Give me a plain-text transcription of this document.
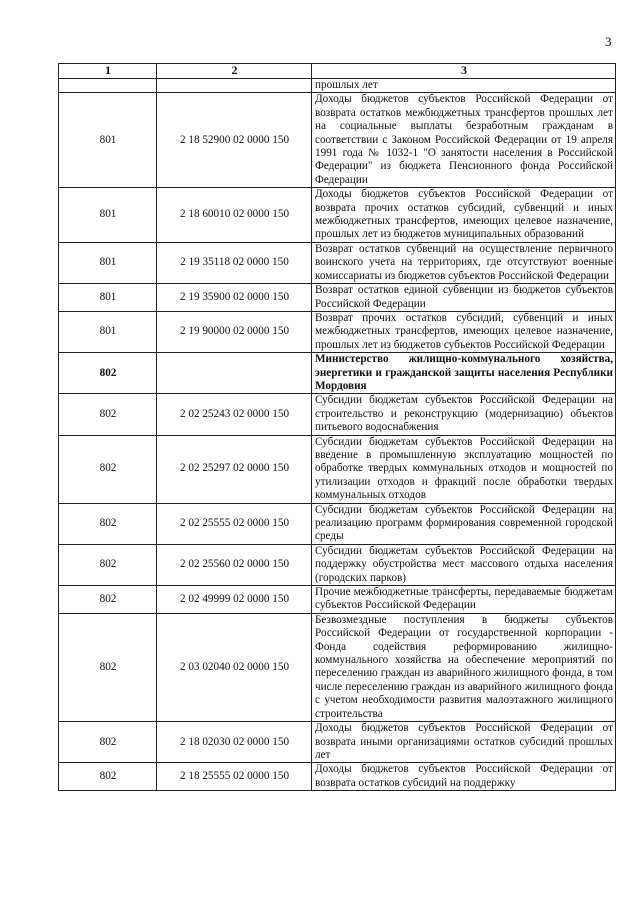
3
1	2	3
		прошлых лет
801	2 18 52900 02 0000 150	Доходы бюджетов субъектов Российской Федерации от возврата остатков межбюджетных трансфертов прошлых лет на социальные выплаты безработным гражданам в соответствии с Законом Российской Федерации от 19 апреля 1991 года № 1032-1 "О занятости населения в Российской Федерации" из бюджета Пенсионного фонда Российской Федерации
801	2 18 60010 02 0000 150	Доходы бюджетов субъектов Российской Федерации от возврата прочих остатков субсидий, субвенций и иных межбюджетных трансфертов, имеющих целевое назначение, прошлых лет из бюджетов муниципальных образований
801	2 19 35118 02 0000 150	Возврат остатков субвенций на осуществление первичного воинского учета на территориях, где отсутствуют военные комиссариаты из бюджетов субъектов Российской Федерации
801	2 19 35900 02 0000 150	Возврат остатков единой субвенции из бюджетов субъектов Российской Федерации
801	2 19 90000 02 0000 150	Возврат прочих остатков субсидий, субвенций и иных межбюджетных трансфертов, имеющих целевое назначение, прошлых лет из бюджетов субъектов Российской Федерации
802		Министерство жилищно-коммунального хозяйства, энергетики и гражданской защиты населения Республики Мордовия
802	2 02 25243 02 0000 150	Субсидии бюджетам субъектов Российской Федерации на строительство и реконструкцию (модернизацию) объектов питьевого водоснабжения
802	2 02 25297 02 0000 150	Субсидии бюджетам субъектов Российской Федерации на введение в промышленную эксплуатацию мощностей по обработке твердых коммунальных отходов и мощностей по утилизации отходов и фракций после обработки твердых коммунальных отходов
802	2 02 25555 02 0000 150	Субсидии бюджетам субъектов Российской Федерации на реализацию программ формирования современной городской среды
802	2 02 25560 02 0000 150	Субсидии бюджетам субъектов Российской Федерации на поддержку обустройства мест массового отдыха населения (городских парков)
802	2 02 49999 02 0000 150	Прочие межбюджетные трансферты, передаваемые бюджетам субъектов Российской Федерации
802	2 03 02040 02 0000 150	Безвозмездные поступления в бюджеты субъектов Российской Федерации от государственной корпорации - Фонда содействия реформированию жилищно-коммунального хозяйства на обеспечение мероприятий по переселению граждан из аварийного жилищного фонда, в том числе переселению граждан из аварийного жилищного фонда с учетом необходимости развития малоэтажного жилищного строительства
802	2 18 02030 02 0000 150	Доходы бюджетов субъектов Российской Федерации от возврата иными организациями остатков субсидий прошлых лет
802	2 18 25555 02 0000 150	Доходы бюджетов субъектов Российской Федерации от возврата остатков субсидий на поддержку
